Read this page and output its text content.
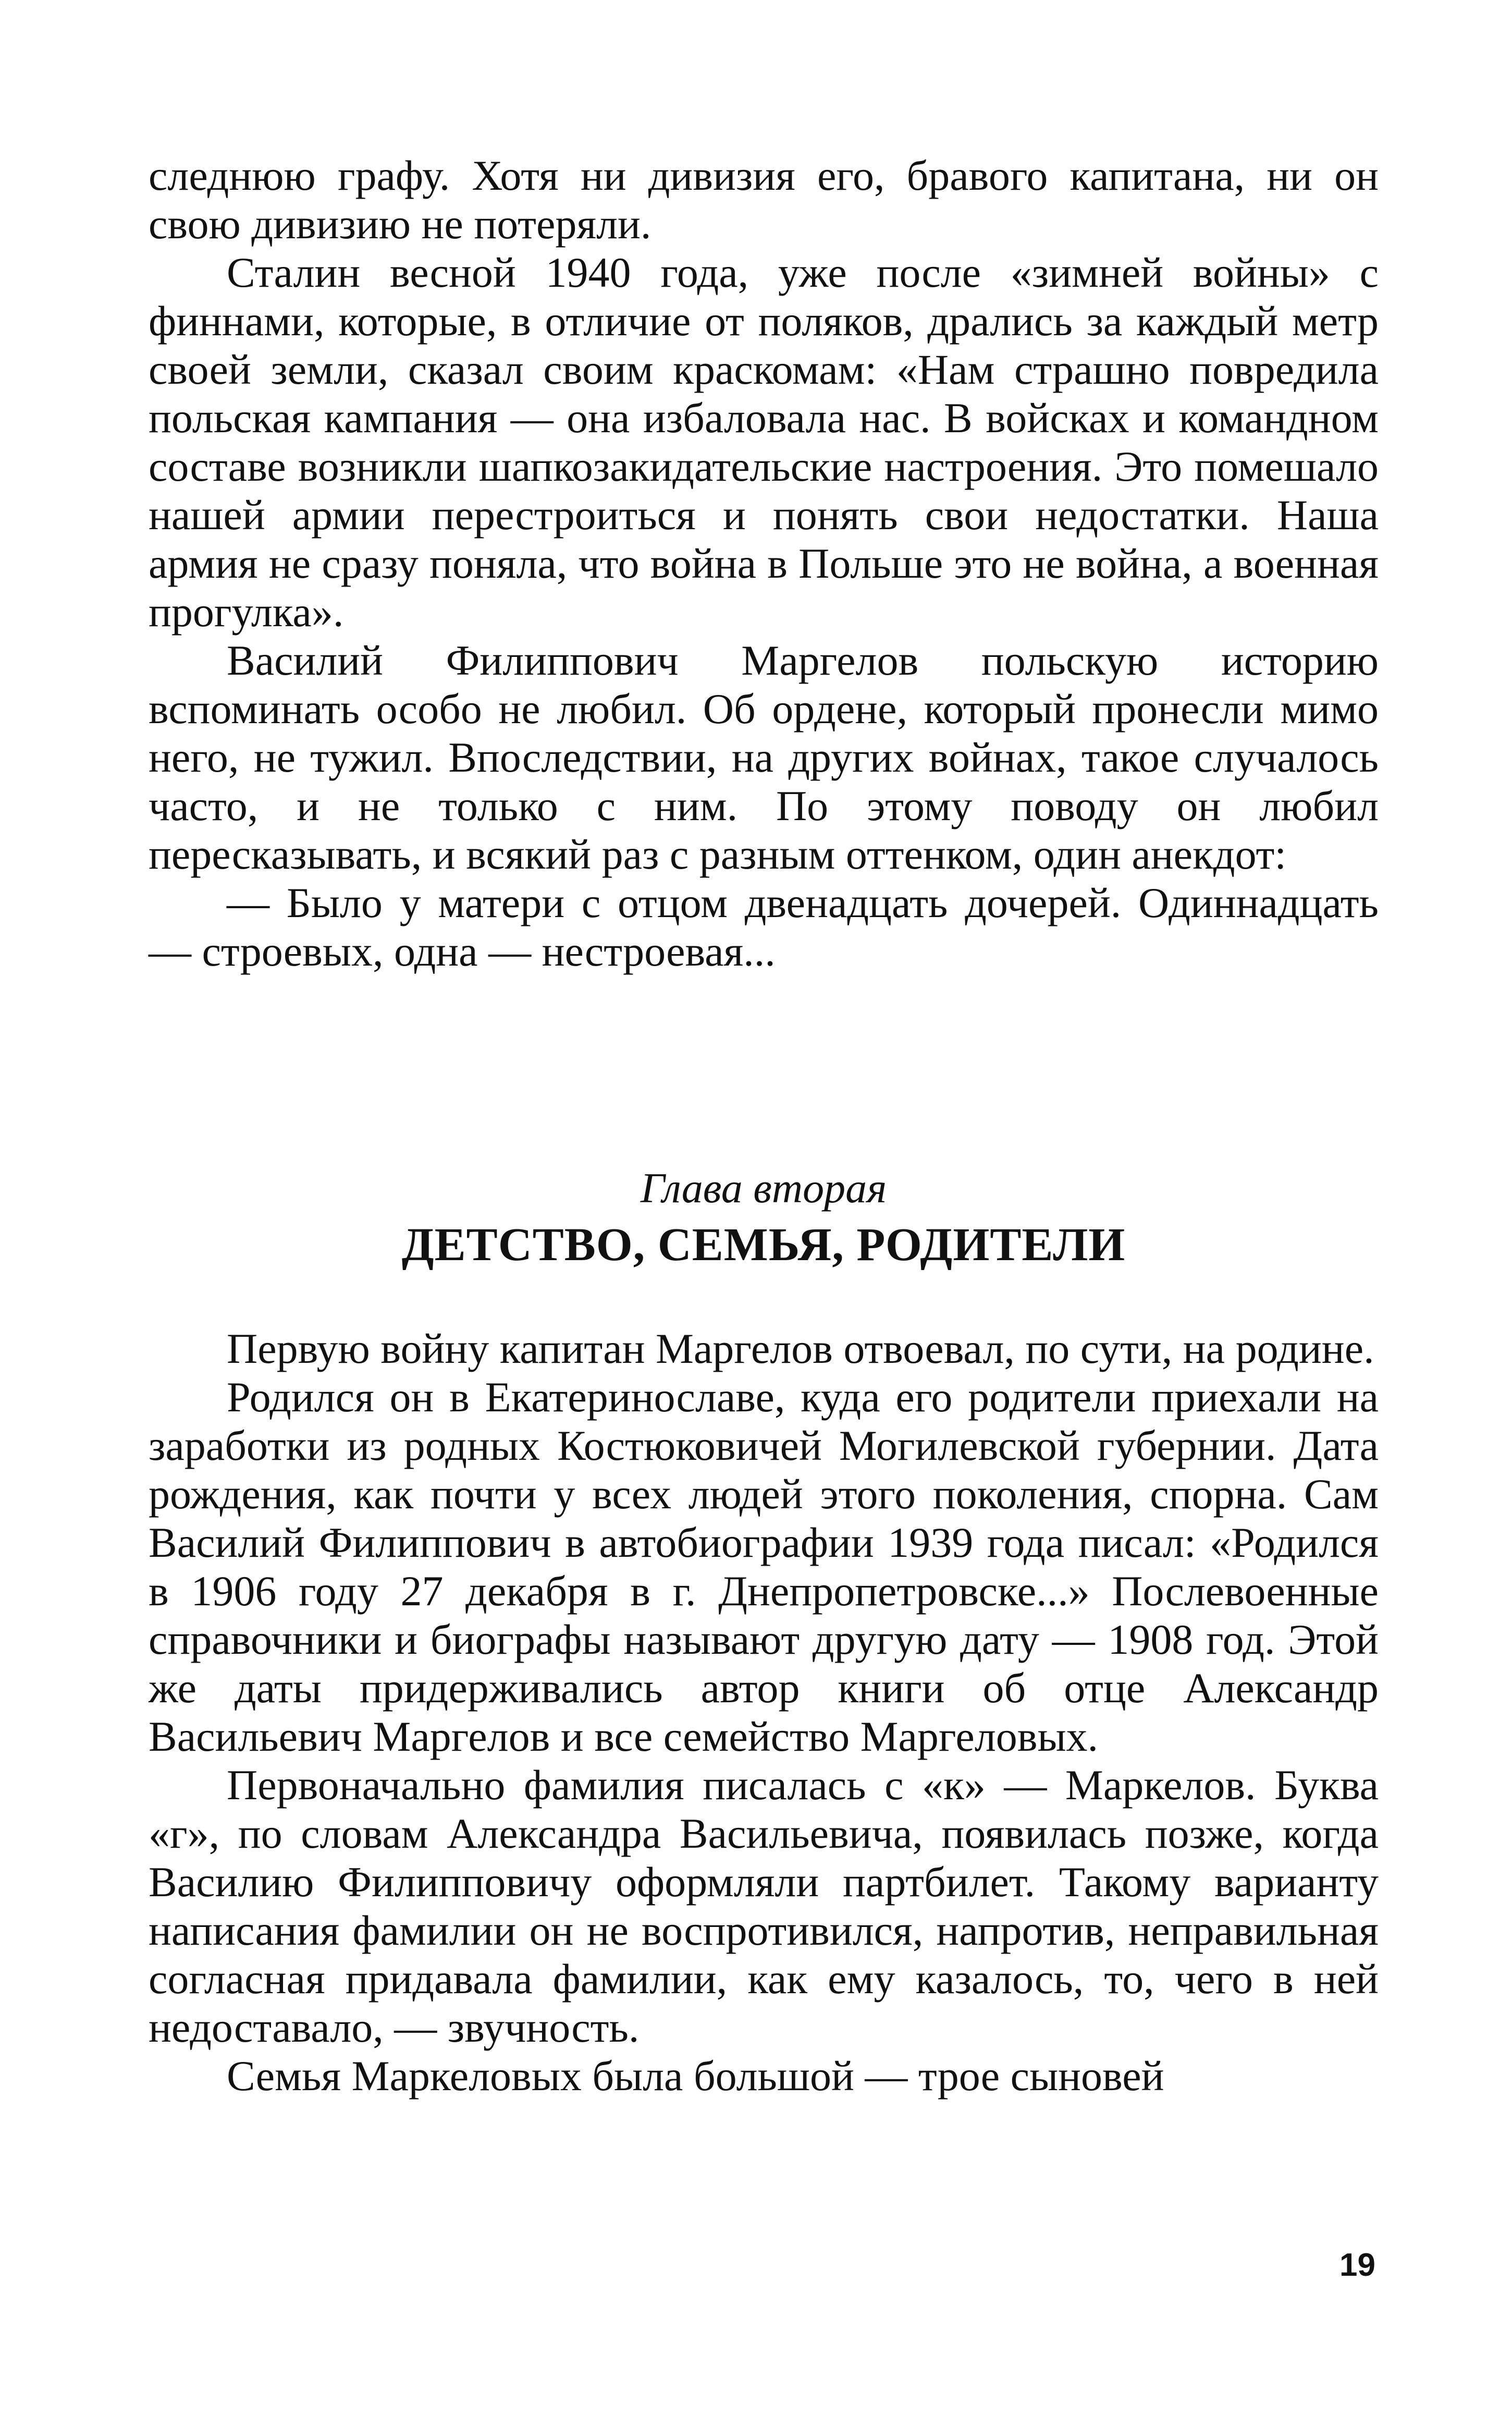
следнюю графу. Хотя ни дивизия его, бравого капитана, ни он свою дивизию не потеряли.

Сталин весной 1940 года, уже после «зимней войны» с финнами, которые, в отличие от поляков, дрались за каждый метр своей земли, сказал своим краскомам: «Нам страшно повредила польская кампания — она избаловала нас. В войсках и командном составе возникли шапкозакидательские настроения. Это помешало нашей армии перестроиться и понять свои недостатки. Наша армия не сразу поняла, что война в Польше это не война, а военная прогулка».

Василий Филиппович Маргелов польскую историю вспоминать особо не любил. Об ордене, который пронесли мимо него, не тужил. Впоследствии, на других войнах, такое случалось часто, и не только с ним. По этому поводу он любил пересказывать, и всякий раз с разным оттенком, один анекдот:

— Было у матери с отцом двенадцать дочерей. Одиннадцать — строевых, одна — нестроевая...

Глава вторая

ДЕТСТВО, СЕМЬЯ, РОДИТЕЛИ

Первую войну капитан Маргелов отвоевал, по сути, на родине.

Родился он в Екатеринославе, куда его родители приехали на заработки из родных Костюковичей Могилевской губернии. Дата рождения, как почти у всех людей этого поколения, спорна. Сам Василий Филиппович в автобиографии 1939 года писал: «Родился в 1906 году 27 декабря в г. Днепропетровске...» Послевоенные справочники и биографы называют другую дату — 1908 год. Этой же даты придерживались автор книги об отце Александр Васильевич Маргелов и все семейство Маргеловых.

Первоначально фамилия писалась с «к» — Маркелов. Буква «г», по словам Александра Васильевича, появилась позже, когда Василию Филипповичу оформляли партбилет. Такому варианту написания фамилии он не воспротивился, напротив, неправильная согласная придавала фамилии, как ему казалось, то, чего в ней недоставало, — звучность.

Семья Маркеловых была большой — трое сыновей

19
